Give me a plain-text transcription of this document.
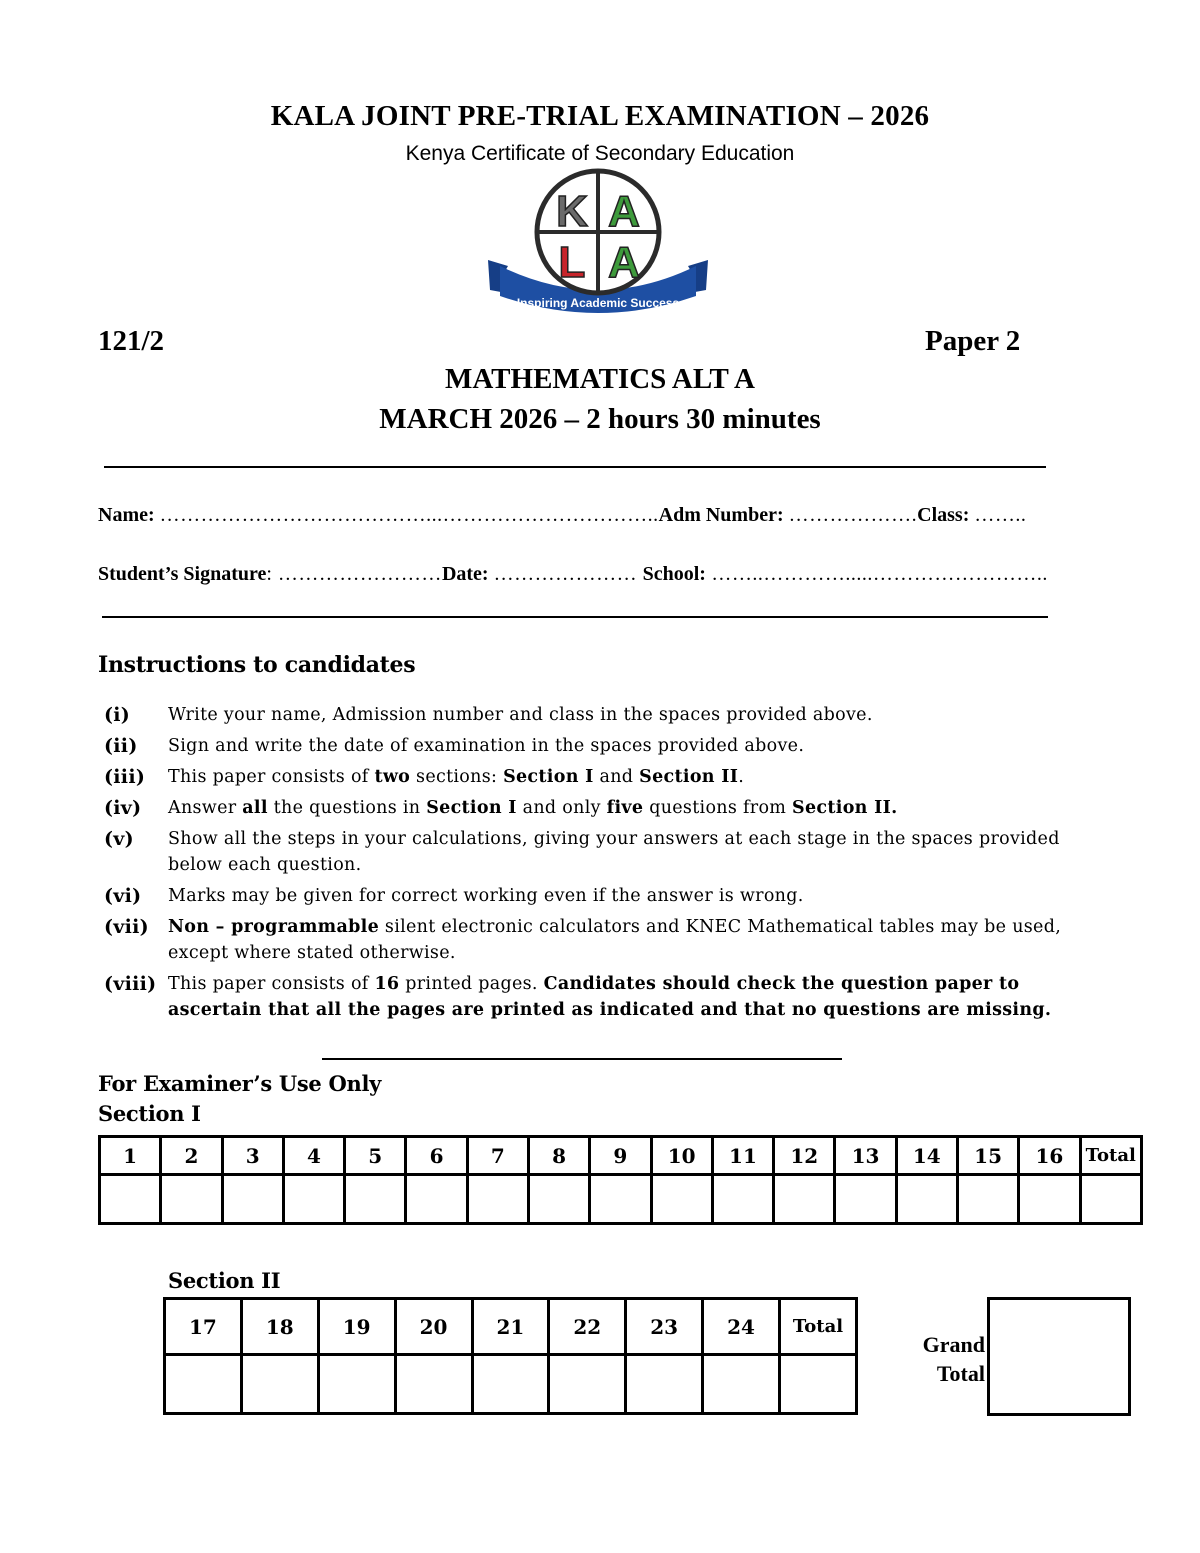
KALA JOINT PRE-TRIAL EXAMINATION – 2026
Kenya Certificate of Secondary Education
Inspiring Academic Success
K A
L A
121/2	Paper 2
MATHEMATICS ALT A
MARCH 2026 – 2 hours 30 minutes
Name: …………………………………...…………………………..Adm Number: ……………….Class: ……..
Student’s Signature: ……………………Date: ………………… School: ……..………….....……………………..
Instructions to candidates
(i) Write your name, Admission number and class in the spaces provided above.
(ii) Sign and write the date of examination in the spaces provided above.
(iii) This paper consists of two sections: Section I and Section II.
(iv) Answer all the questions in Section I and only five questions from Section II.
(v) Show all the steps in your calculations, giving your answers at each stage in the spaces provided below each question.
(vi) Marks may be given for correct working even if the answer is wrong.
(vii) Non – programmable silent electronic calculators and KNEC Mathematical tables may be used, except where stated otherwise.
(viii) This paper consists of 16 printed pages. Candidates should check the question paper to ascertain that all the pages are printed as indicated and that no questions are missing.
For Examiner’s Use Only
Section I
1	2	3	4	5	6	7	8	9	10	11	12	13	14	15	16	Total

Section II
17	18	19	20	21	22	23	24	Total

Grand
Total
